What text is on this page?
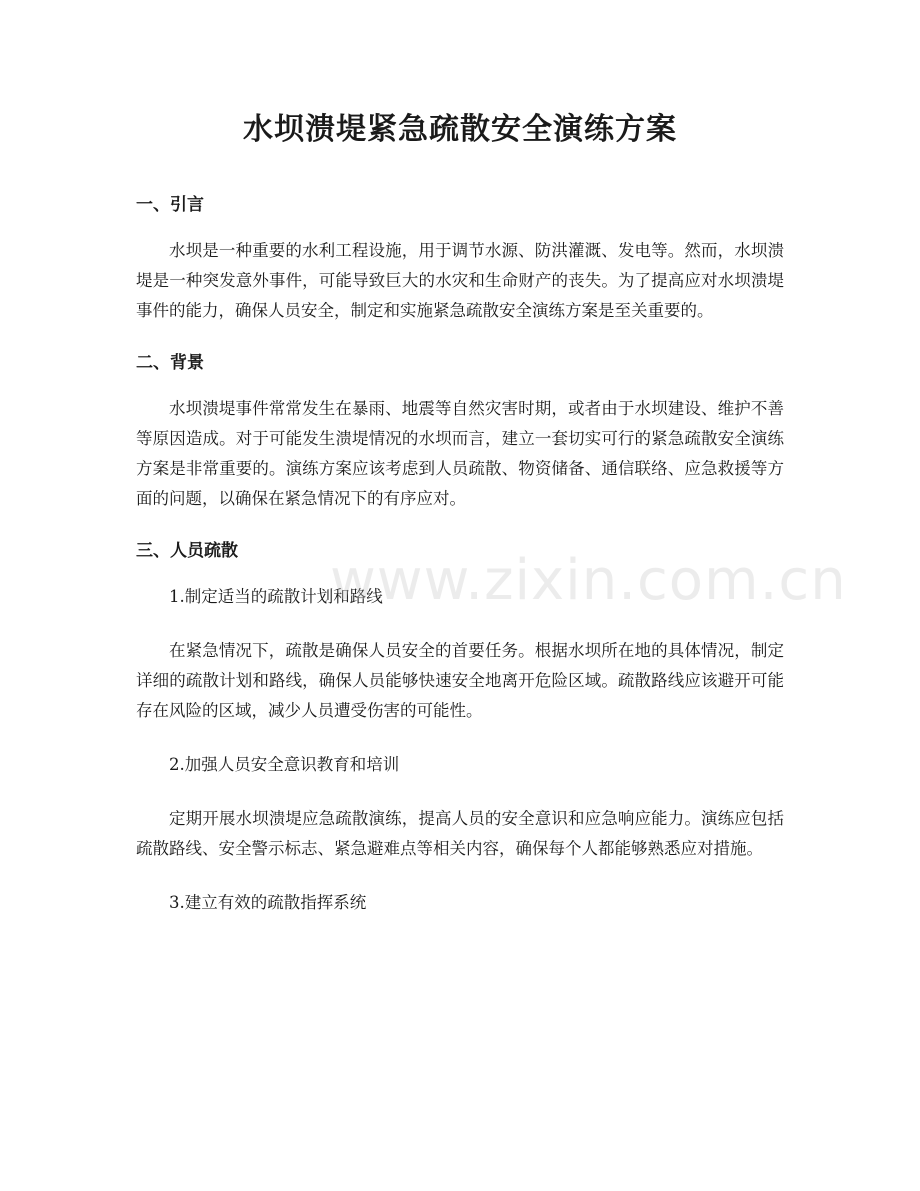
水坝溃堤紧急疏散安全演练方案
一、引言

水坝是一种重要的水利工程设施，用于调节水源、防洪灌溉、发电等。然而，水坝溃堤是一种突发意外事件，可能导致巨大的水灾和生命财产的丧失。为了提高应对水坝溃堤事件的能力，确保人员安全，制定和实施紧急疏散安全演练方案是至关重要的。

二、背景

水坝溃堤事件常常发生在暴雨、地震等自然灾害时期，或者由于水坝建设、维护不善等原因造成。对于可能发生溃堤情况的水坝而言，建立一套切实可行的紧急疏散安全演练方案是非常重要的。演练方案应该考虑到人员疏散、物资储备、通信联络、应急救援等方面的问题，以确保在紧急情况下的有序应对。

三、人员疏散
1.制定适当的疏散计划和路线

在紧急情况下，疏散是确保人员安全的首要任务。根据水坝所在地的具体情况，制定详细的疏散计划和路线，确保人员能够快速安全地离开危险区域。疏散路线应该避开可能存在风险的区域，减少人员遭受伤害的可能性。

2.加强人员安全意识教育和培训

定期开展水坝溃堤应急疏散演练，提高人员的安全意识和应急响应能力。演练应包括疏散路线、安全警示标志、紧急避难点等相关内容，确保每个人都能够熟悉应对措施。

3.建立有效的疏散指挥系统
www.zixin.com.cn
